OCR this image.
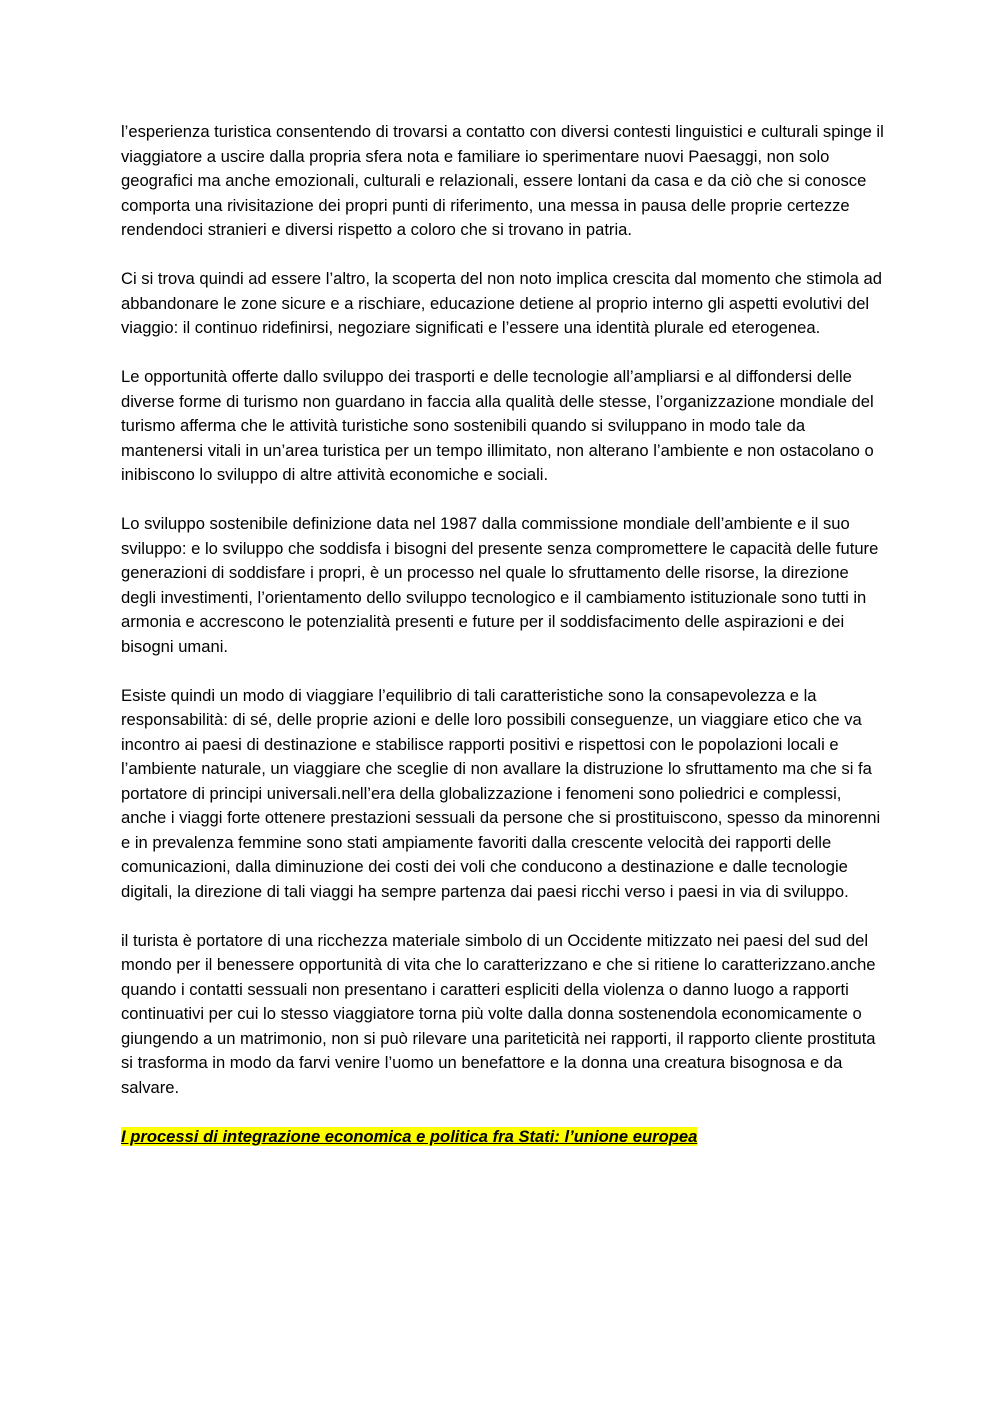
l’esperienza turistica consentendo di trovarsi a contatto con diversi contesti linguistici e culturali spinge il viaggiatore a uscire dalla propria sfera nota e familiare io sperimentare nuovi Paesaggi, non solo geografici ma anche emozionali, culturali e relazionali, essere lontani da casa e da ciò che si conosce comporta una rivisitazione dei propri punti di riferimento, una messa in pausa delle proprie certezze rendendoci stranieri e diversi rispetto a coloro che si trovano in patria.

Ci si trova quindi ad essere l’altro, la scoperta del non noto implica crescita dal momento che stimola ad abbandonare le zone sicure e a rischiare, educazione detiene al proprio interno gli aspetti evolutivi del viaggio: il continuo ridefinirsi, negoziare significati e l’essere una identità plurale ed eterogenea.

Le opportunità offerte dallo sviluppo dei trasporti e delle tecnologie all’ampliarsi e al diffondersi delle diverse forme di turismo non guardano in faccia alla qualità delle stesse, l’organizzazione mondiale del turismo afferma che le attività turistiche sono sostenibili quando si sviluppano in modo tale da mantenersi vitali in un’area turistica per un tempo illimitato, non alterano l’ambiente e non ostacolano o inibiscono lo sviluppo di altre attività economiche e sociali.

Lo sviluppo sostenibile definizione data nel 1987 dalla commissione mondiale dell’ambiente e il suo sviluppo: e lo sviluppo che soddisfa i bisogni del presente senza compromettere le capacità delle future generazioni di soddisfare i propri, è un processo nel quale lo sfruttamento delle risorse, la direzione degli investimenti, l’orientamento dello sviluppo tecnologico e il cambiamento istituzionale sono tutti in armonia e accrescono le potenzialità presenti e future per il soddisfacimento delle aspirazioni e dei bisogni umani.

Esiste quindi un modo di viaggiare l’equilibrio di tali caratteristiche sono la consapevolezza e la responsabilità: di sé, delle proprie azioni e delle loro possibili conseguenze, un viaggiare etico che va incontro ai paesi di destinazione e stabilisce rapporti positivi e rispettosi con le popolazioni locali e l’ambiente naturale, un viaggiare che sceglie di non avallare la distruzione lo sfruttamento ma che si fa portatore di principi universali.nell’era della globalizzazione i fenomeni sono poliedrici e complessi, anche i viaggi forte ottenere prestazioni sessuali da persone che si prostituiscono, spesso da minorenni e in prevalenza femmine sono stati ampiamente favoriti dalla crescente velocità dei rapporti delle comunicazioni, dalla diminuzione dei costi dei voli che conducono a destinazione e dalle tecnologie digitali, la direzione di tali viaggi ha sempre partenza dai paesi ricchi verso i paesi in via di sviluppo.

il turista è portatore di una ricchezza materiale simbolo di un Occidente mitizzato nei paesi del sud del mondo per il benessere opportunità di vita che lo caratterizzano e che si ritiene lo caratterizzano.anche quando i contatti sessuali non presentano i caratteri espliciti della violenza o danno luogo a rapporti continuativi per cui lo stesso viaggiatore torna più volte dalla donna sostenendola economicamente o giungendo a un matrimonio, non si può rilevare una pariteticità nei rapporti, il rapporto cliente prostituta si trasforma in modo da farvi venire l’uomo un benefattore e la donna una creatura bisognosa e da salvare.

I processi di integrazione economica e politica fra Stati: l’unione europea
